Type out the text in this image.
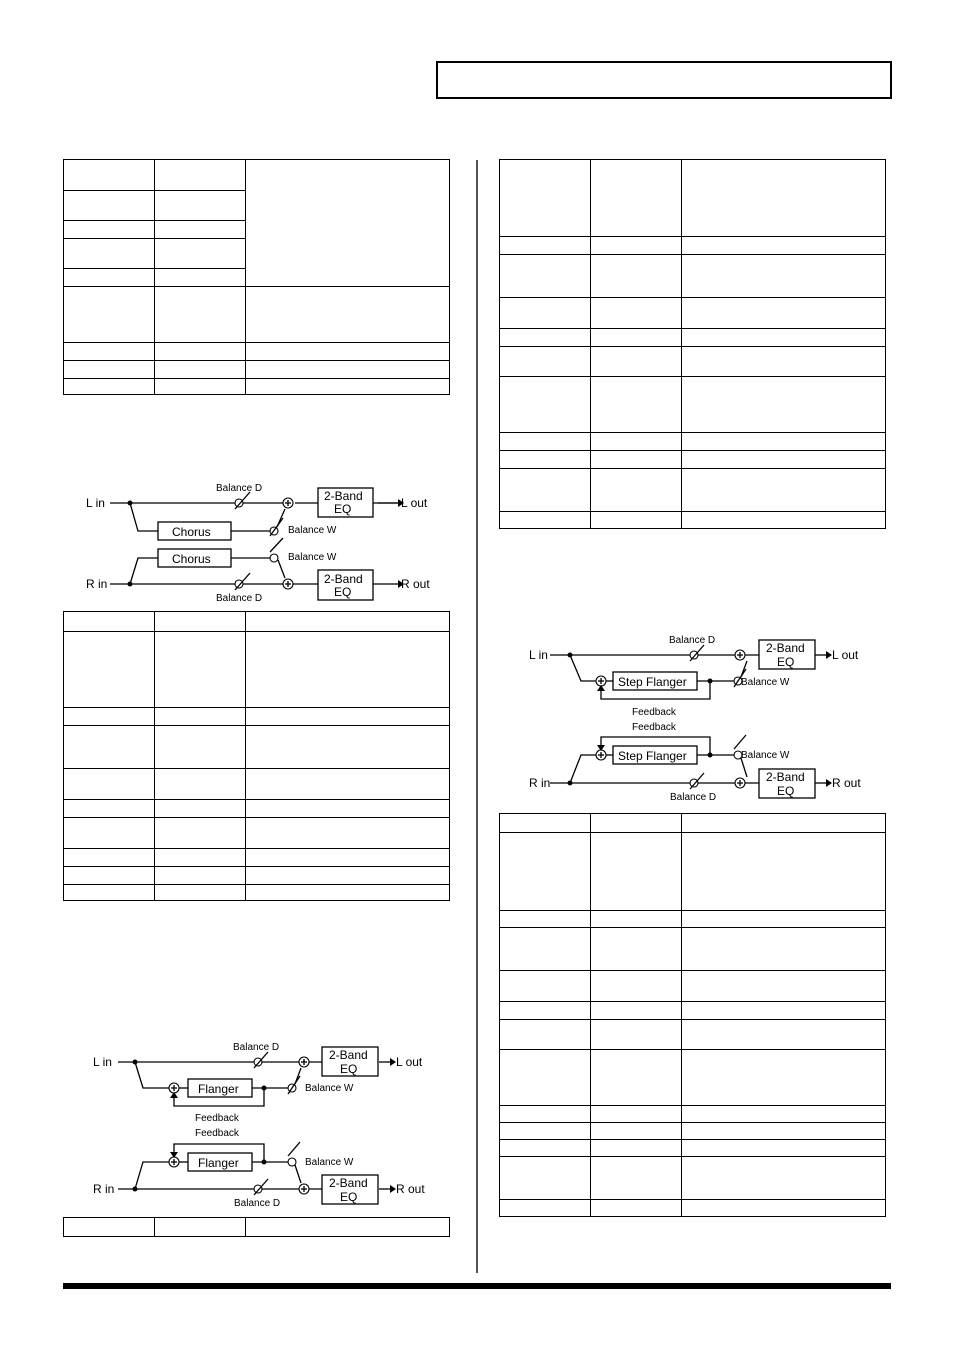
Chorus
2-Band
EQ
L in	L out
Balance D
Balance W
Chorus
2-Band
EQ
R in	R out
Balance D
Balance W
Flanger
2-Band
EQ
L in	L out
Balance D
Balance W
Feedback
Feedback
Flanger
2-Band
EQ
R in	R out
Balance D
Balance W
Step Flanger
2-Band
EQ
L in	L out
Balance D
Balance W
Feedback
Feedback
Step Flanger
2-Band
EQ
R in	R out
Balance D
Balance W
